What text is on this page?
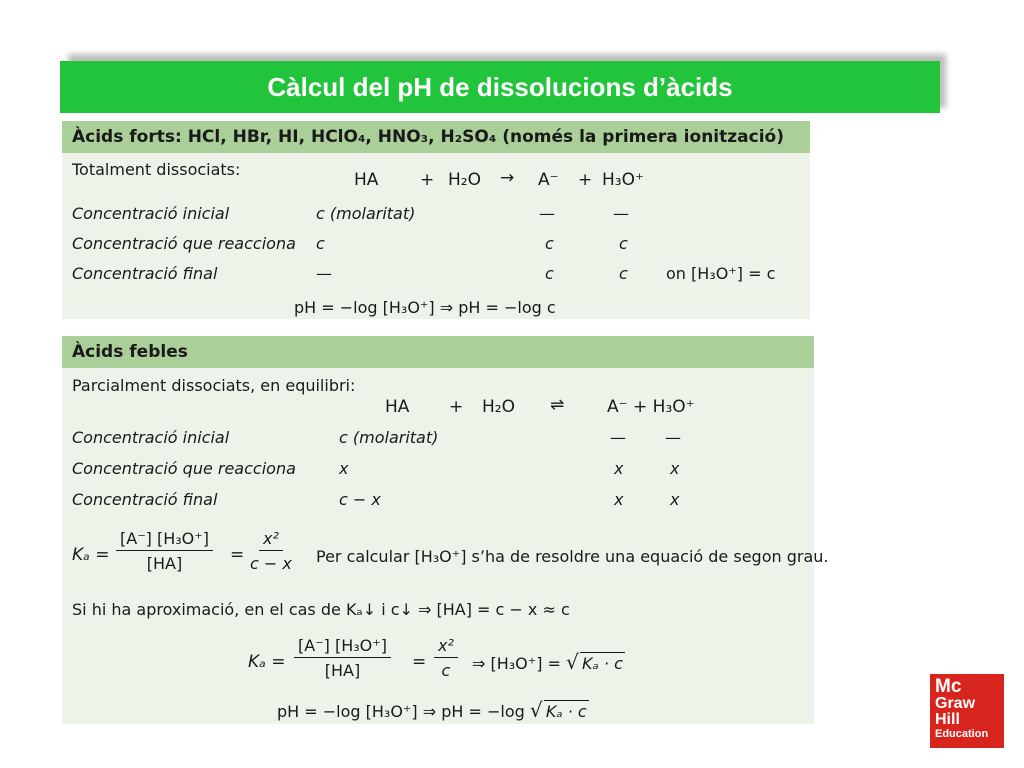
Càlcul del pH de dissolucions d’àcids
Àcids forts: HCl, HBr, HI, HClO₄, HNO₃, H₂SO₄ (només la primera ionització)
Totalment dissociats:
HA + H₂O → A⁻ + H₃O⁺
Concentració inicial	c (molaritat)	—	—
Concentració que reacciona c	c	c
Concentració final	—	c	c on [H₃O⁺] = c
pH = −log [H₃O⁺] ⇒ pH = −log c
Àcids febles
Parcialment dissociats, en equilibri:
HA + H₂O ⇌	A⁻ + H₃O⁺
Concentració inicial	c (molaritat)	— —
Concentració que reacciona	x	x	x
Concentració final	c − x	x	x
$K_a = \frac{\text{[A⁻] [H₃O⁺]}}{[HA]} = \frac{\text{x²}}{c - x}$ Per calcular [H₃O⁺] s’ha de resoldre una equació de segon grau.
Si hi ha aproximació, en el cas de Kₐ↓ i c↓ ⇒ [HA] = c − x ≈ c
$K_a = \frac{\text{[A⁻] [H₃O⁺]}}{[HA]} = \frac{\text{x²}}{c}$ ⇒ [H₃O⁺] = √ Kₐ · c
pH = −log [H₃O⁺] ⇒ pH = −log √ Kₐ · c
Mc
Graw
Hill
Education
